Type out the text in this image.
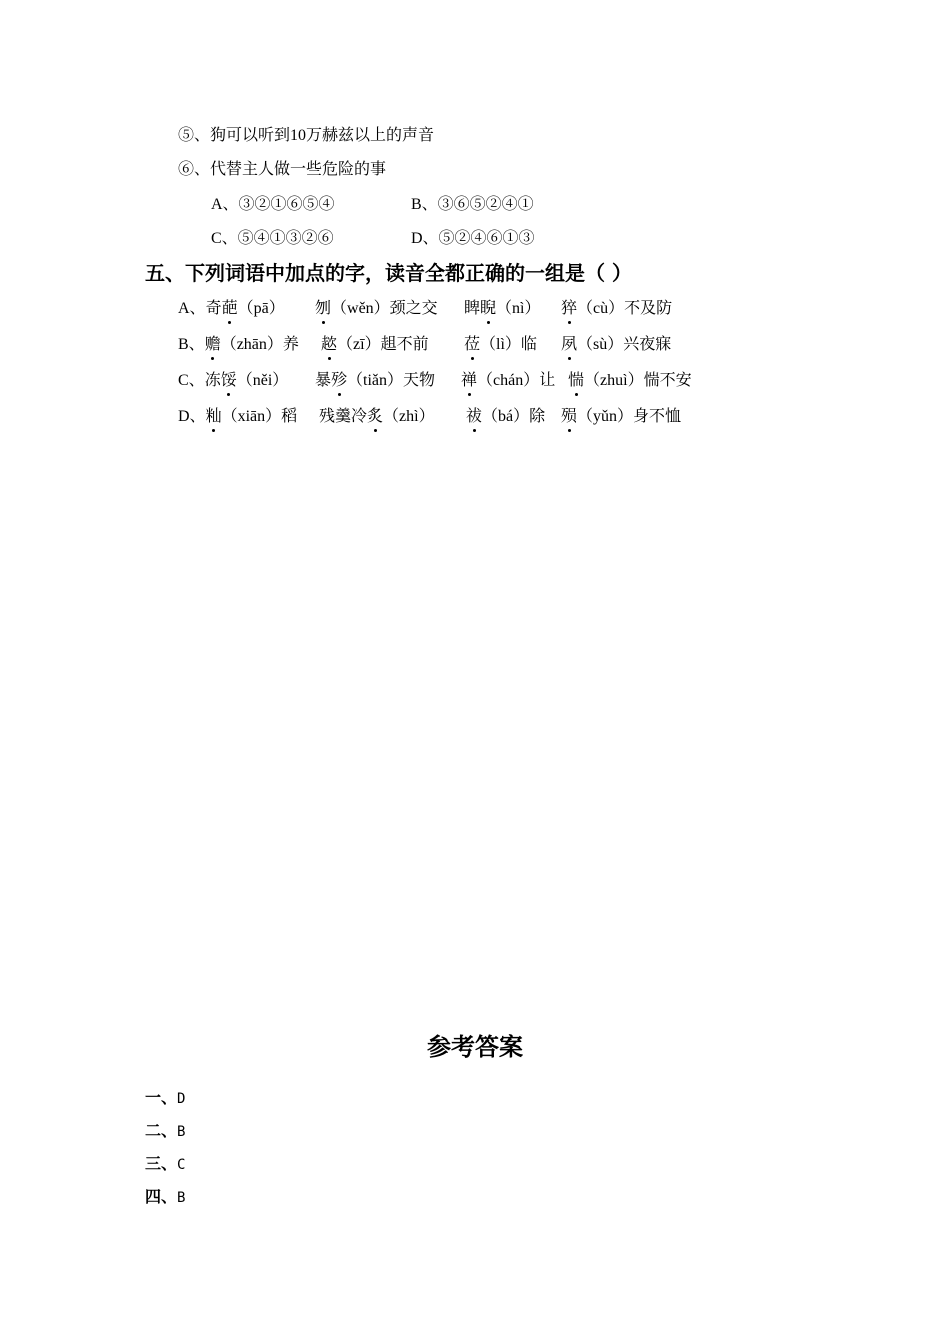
⑤、狗可以听到10万赫兹以上的声音
⑥、代替主人做一些危险的事
A、③②①⑥⑤④	B、③⑥⑤②④①
C、⑤④①③②⑥	D、⑤②④⑥①③
五、下列词语中加点的字，读音全都正确的一组是（ ）
A、奇葩（pā） 刎（wěn）颈之交 睥睨（nì） 猝（cù）不及防
B、赡（zhān）养 趑（zī）趄不前 莅（lì）临 夙（sù）兴夜寐
C、冻馁（něi） 暴殄（tiǎn）天物 禅（chán）让 惴（zhuì）惴不安
D、籼（xiān）稻 残羹冷炙（zhì） 祓（bá）除 殒（yǔn）身不恤
参考答案
一、D
二、B
三、C
四、B
